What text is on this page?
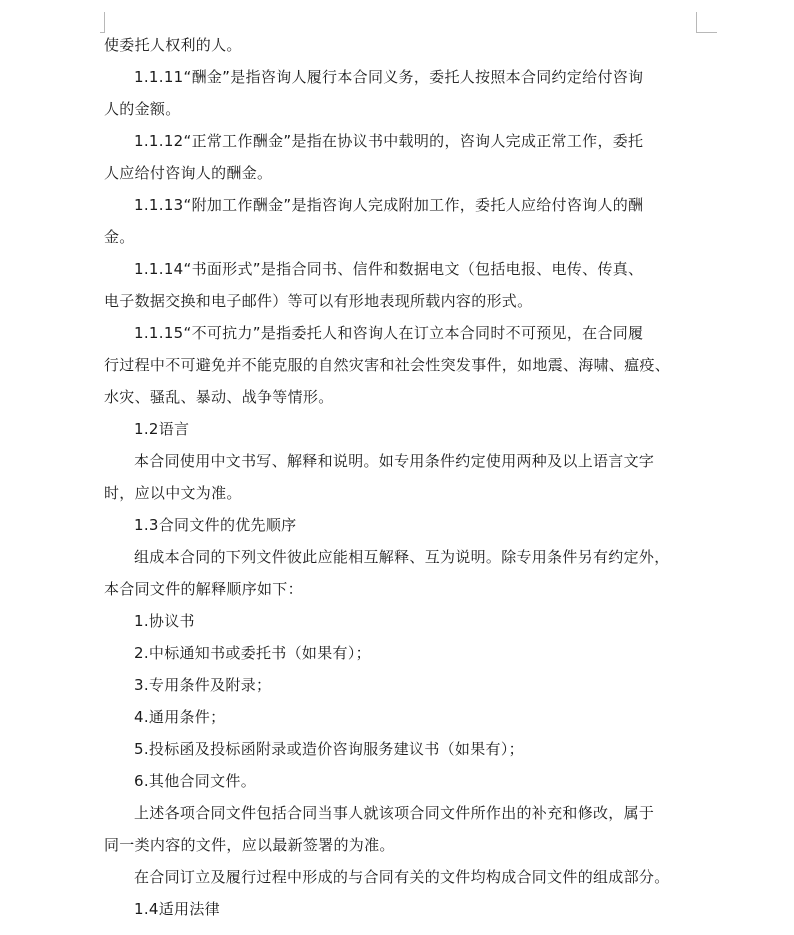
使委托人权利的人。
1.1.11“酬金”是指咨询人履行本合同义务，委托人按照本合同约定给付咨询
人的金额。
1.1.12“正常工作酬金”是指在协议书中载明的，咨询人完成正常工作，委托
人应给付咨询人的酬金。
1.1.13“附加工作酬金”是指咨询人完成附加工作，委托人应给付咨询人的酬
金。
1.1.14“书面形式”是指合同书、信件和数据电文（包括电报、电传、传真、
电子数据交换和电子邮件）等可以有形地表现所载内容的形式。
1.1.15“不可抗力”是指委托人和咨询人在订立本合同时不可预见，在合同履
行过程中不可避免并不能克服的自然灾害和社会性突发事件，如地震、海啸、瘟疫、
水灾、骚乱、暴动、战争等情形。
1.2语言
本合同使用中文书写、解释和说明。如专用条件约定使用两种及以上语言文字
时，应以中文为准。
1.3合同文件的优先顺序
组成本合同的下列文件彼此应能相互解释、互为说明。除专用条件另有约定外，
本合同文件的解释顺序如下：
1.协议书
2.中标通知书或委托书（如果有）；
3.专用条件及附录；
4.通用条件；
5.投标函及投标函附录或造价咨询服务建议书（如果有）；
6.其他合同文件。
上述各项合同文件包括合同当事人就该项合同文件所作出的补充和修改，属于
同一类内容的文件，应以最新签署的为准。
在合同订立及履行过程中形成的与合同有关的文件均构成合同文件的组成部分。
1.4适用法律
